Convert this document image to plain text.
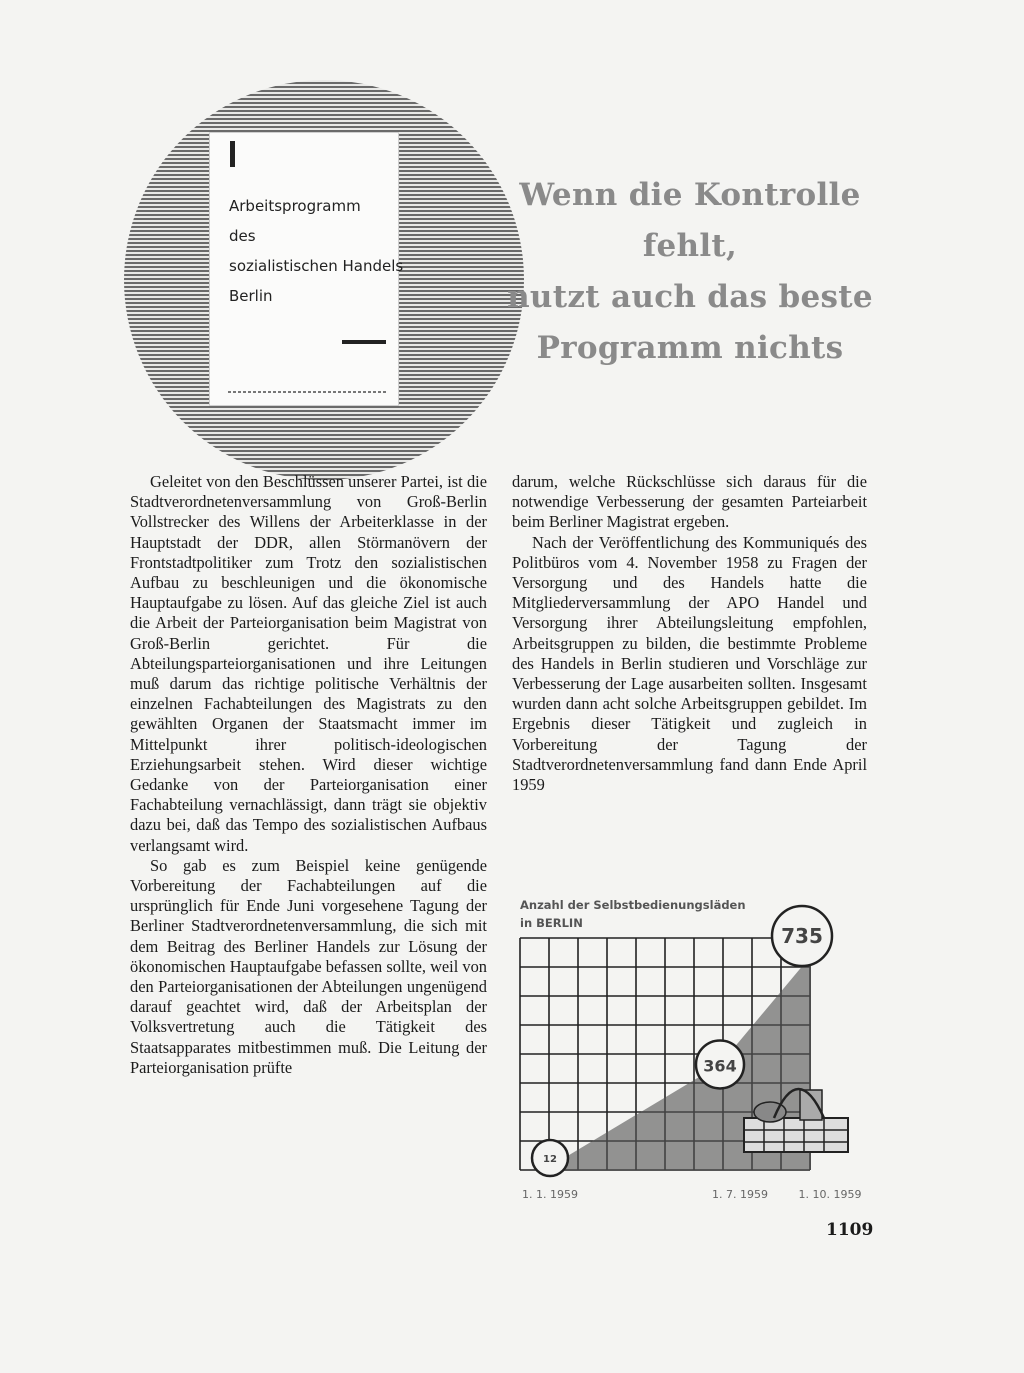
Arbeitsprogramm
des
sozialistischen Handels
Berlin
Wenn die Kontrolle
fehlt,
nutzt auch das beste
Programm nichts

Geleitet von den Beschlüssen unserer Partei, ist die Stadtverordnetenversammlung von Groß-Berlin Vollstrecker des Willens der Arbeiterklasse in der Hauptstadt der DDR, allen Störmanövern der Frontstadtpolitiker zum Trotz den sozialistischen Aufbau zu beschleunigen und die ökonomische Hauptaufgabe zu lösen. Auf das gleiche Ziel ist auch die Arbeit der Parteiorganisation beim Magistrat von Groß-Berlin gerichtet. Für die Abteilungsparteiorganisationen und ihre Leitungen muß darum das richtige politische Verhältnis der einzelnen Fachabteilungen des Magistrats zu den gewählten Organen der Staatsmacht immer im Mittelpunkt ihrer politisch-ideologischen Erziehungsarbeit stehen. Wird dieser wichtige Gedanke von der Parteiorganisation einer Fachabteilung vernachlässigt, dann trägt sie objektiv dazu bei, daß das Tempo des sozialistischen Aufbaus verlangsamt wird.

So gab es zum Beispiel keine genügende Vorbereitung der Fachabteilungen auf die ursprünglich für Ende Juni vorgesehene Tagung der Berliner Stadtverordnetenversammlung, die sich mit dem Beitrag des Berliner Handels zur Lösung der ökonomischen Hauptaufgabe befassen sollte, weil von den Parteiorganisationen der Abteilungen ungenügend darauf geachtet wird, daß der Arbeitsplan der Volksvertretung auch die Tätigkeit des Staatsapparates mitbestimmen muß. Die Leitung der Parteiorganisation prüfte

darum, welche Rückschlüsse sich daraus für die notwendige Verbesserung der gesamten Parteiarbeit beim Berliner Magistrat ergeben.

Nach der Veröffentlichung des Kommuniqués des Politbüros vom 4. November 1958 zu Fragen der Versorgung und des Handels hatte die Mitgliederversammlung der APO Handel und Versorgung ihrer Abteilungsleitung empfohlen, Arbeitsgruppen zu bilden, die bestimmte Probleme des Handels in Berlin studieren und Vorschläge zur Verbesserung der Lage ausarbeiten sollten. Insgesamt wurden dann acht solche Arbeitsgruppen gebildet. Im Ergebnis dieser Tätigkeit und zugleich in Vorbereitung der Tagung der Stadtverordnetenversammlung fand dann Ende April 1959

12
364
735
1. 1. 1959	1. 7. 1959	1. 10. 1959
Anzahl der Selbstbedienungsläden
in BERLIN
1109
